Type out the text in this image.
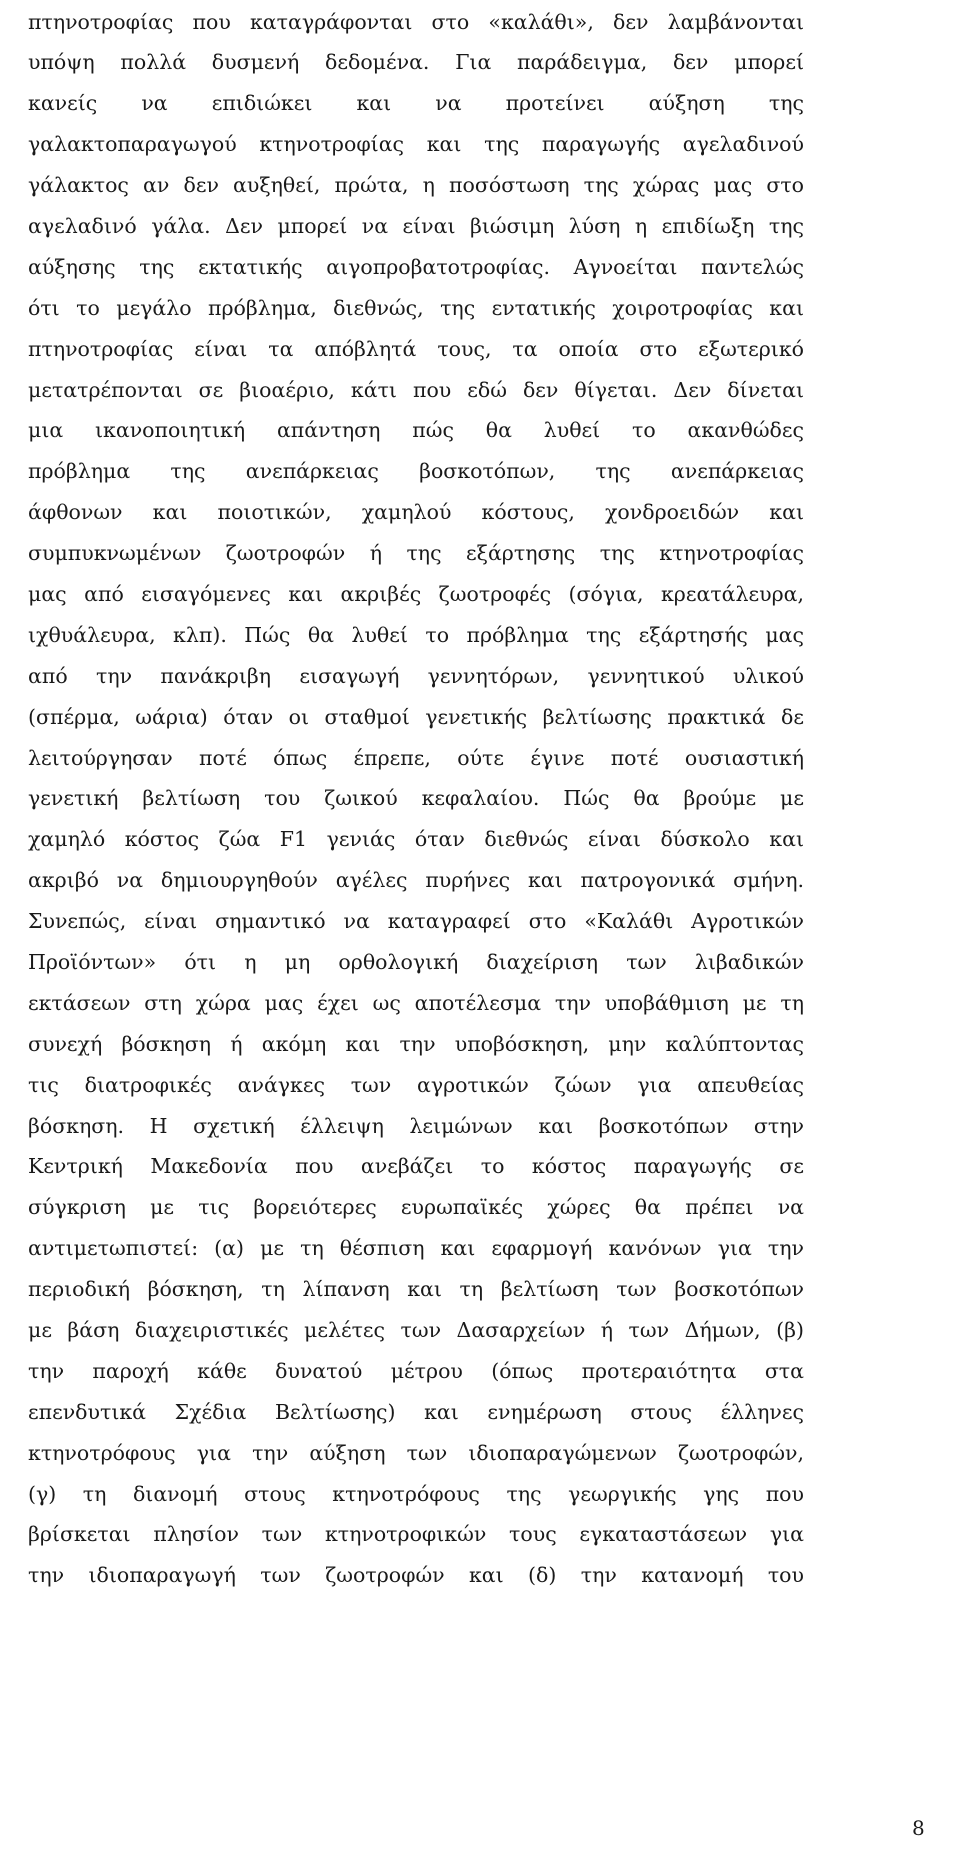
πτηνοτροφίας που καταγράφονται στο «καλάθι», δεν λαμβάνονται
υπόψη πολλά δυσμενή δεδομένα. Για παράδειγμα, δεν μπορεί
κανείς να επιδιώκει και να προτείνει αύξηση της
γαλακτοπαραγωγού κτηνοτροφίας και της παραγωγής αγελαδινού
γάλακτος αν δεν αυξηθεί, πρώτα, η ποσόστωση της χώρας μας στο
αγελαδινό γάλα. Δεν μπορεί να είναι βιώσιμη λύση η επιδίωξη της
αύξησης της εκτατικής αιγοπροβατοτροφίας. Αγνοείται παντελώς
ότι το μεγάλο πρόβλημα, διεθνώς, της εντατικής χοιροτροφίας και
πτηνοτροφίας είναι τα απόβλητά τους, τα οποία στο εξωτερικό
μετατρέπονται σε βιοαέριο, κάτι που εδώ δεν θίγεται. Δεν δίνεται
μια ικανοποιητική απάντηση πώς θα λυθεί το ακανθώδες
πρόβλημα της ανεπάρκειας βοσκοτόπων, της ανεπάρκειας
άφθονων και ποιοτικών, χαμηλού κόστους, χονδροειδών και
συμπυκνωμένων ζωοτροφών ή της εξάρτησης της κτηνοτροφίας
μας από εισαγόμενες και ακριβές ζωοτροφές (σόγια, κρεατάλευρα,
ιχθυάλευρα, κλπ). Πώς θα λυθεί το πρόβλημα της εξάρτησής μας
από την πανάκριβη εισαγωγή γεννητόρων, γεννητικού υλικού
(σπέρμα, ωάρια) όταν οι σταθμοί γενετικής βελτίωσης πρακτικά δε
λειτούργησαν ποτέ όπως έπρεπε, ούτε έγινε ποτέ ουσιαστική
γενετική βελτίωση του ζωικού κεφαλαίου. Πώς θα βρούμε με
χαμηλό κόστος ζώα F1 γενιάς όταν διεθνώς είναι δύσκολο και
ακριβό να δημιουργηθούν αγέλες πυρήνες και πατρογονικά σμήνη.
Συνεπώς, είναι σημαντικό να καταγραφεί στο «Καλάθι Αγροτικών
Προϊόντων» ότι η μη ορθολογική διαχείριση των λιβαδικών
εκτάσεων στη χώρα μας έχει ως αποτέλεσμα την υποβάθμιση με τη
συνεχή βόσκηση ή ακόμη και την υποβόσκηση, μην καλύπτοντας
τις διατροφικές ανάγκες των αγροτικών ζώων για απευθείας
βόσκηση. Η σχετική έλλειψη λειμώνων και βοσκοτόπων στην
Κεντρική Μακεδονία που ανεβάζει το κόστος παραγωγής σε
σύγκριση με τις βορειότερες ευρωπαϊκές χώρες θα πρέπει να
αντιμετωπιστεί: (α) με τη θέσπιση και εφαρμογή κανόνων για την
περιοδική βόσκηση, τη λίπανση και τη βελτίωση των βοσκοτόπων
με βάση διαχειριστικές μελέτες των Δασαρχείων ή των Δήμων, (β)
την παροχή κάθε δυνατού μέτρου (όπως προτεραιότητα στα
επενδυτικά Σχέδια Βελτίωσης) και ενημέρωση στους έλληνες
κτηνοτρόφους για την αύξηση των ιδιοπαραγώμενων ζωοτροφών,
(γ) τη διανομή στους κτηνοτρόφους της γεωργικής γης που
βρίσκεται πλησίον των κτηνοτροφικών τους εγκαταστάσεων για
την ιδιοπαραγωγή των ζωοτροφών και (δ) την κατανομή του
8
